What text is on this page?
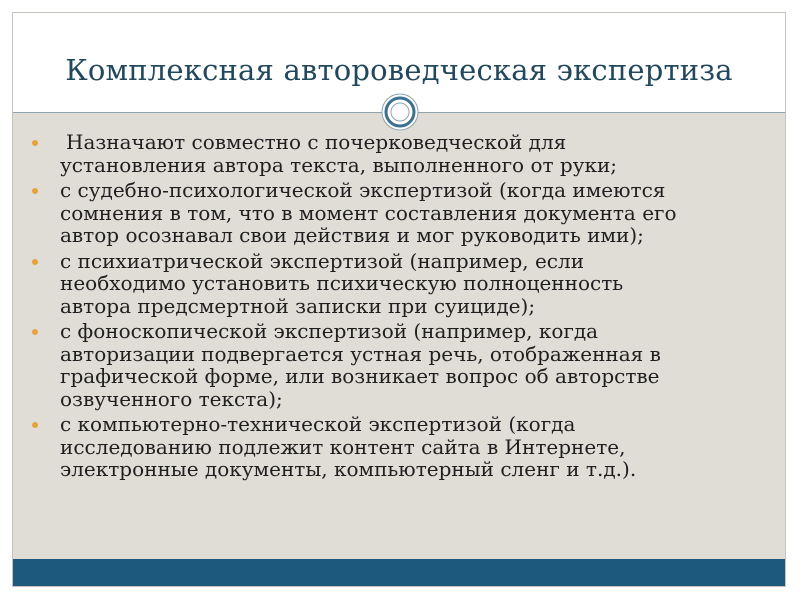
Комплексная автороведческая экспертиза
Назначают совместно с почерковедческой для
установления автора текста, выполненного от руки;
с судебно-психологической экспертизой (когда имеются
сомнения в том, что в момент составления документа его
автор осознавал свои действия и мог руководить ими);
с психиатрической экспертизой (например, если
необходимо установить психическую полноценность
автора предсмертной записки при суициде);
с фоноскопической экспертизой (например, когда
авторизации подвергается устная речь, отображенная в
графической форме, или возникает вопрос об авторстве
озвученного текста);
с компьютерно-технической экспертизой (когда
исследованию подлежит контент сайта в Интернете,
электронные документы, компьютерный сленг и т.д.).
